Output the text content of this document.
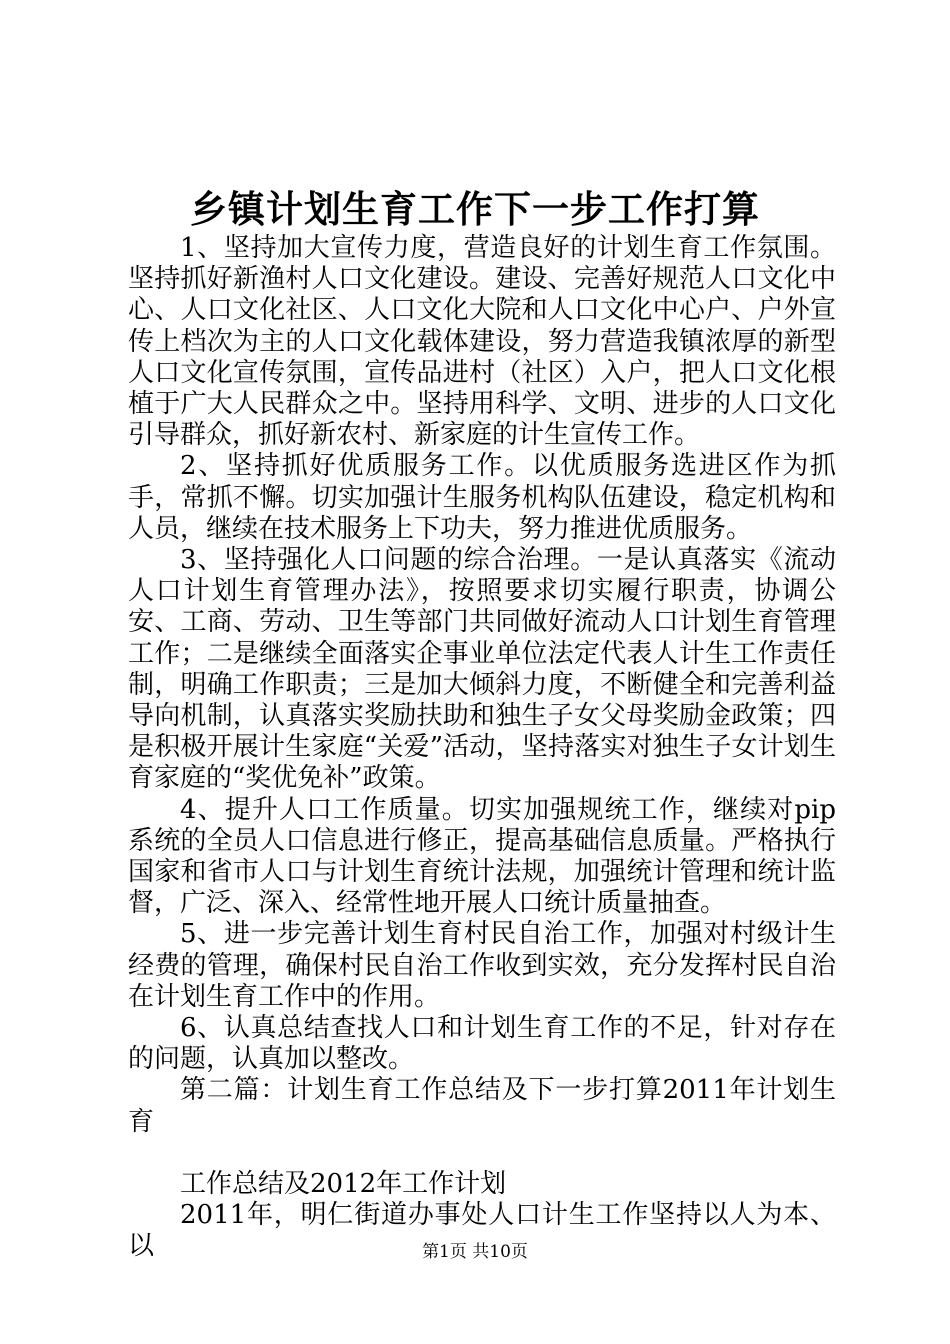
乡镇计划生育工作下一步工作打算

1、坚持加大宣传力度，营造良好的计划生育工作氛围。坚持抓好新渔村人口文化建设。建设、完善好规范人口文化中心、人口文化社区、人口文化大院和人口文化中心户、户外宣传上档次为主的人口文化载体建设，努力营造我镇浓厚的新型人口文化宣传氛围，宣传品进村（社区）入户，把人口文化根植于广大人民群众之中。坚持用科学、文明、进步的人口文化引导群众，抓好新农村、新家庭的计生宣传工作。

2、坚持抓好优质服务工作。以优质服务选进区作为抓手，常抓不懈。切实加强计生服务机构队伍建设，稳定机构和人员，继续在技术服务上下功夫，努力推进优质服务。

3、坚持强化人口问题的综合治理。一是认真落实《流动人口计划生育管理办法》，按照要求切实履行职责，协调公安、工商、劳动、卫生等部门共同做好流动人口计划生育管理工作；二是继续全面落实企事业单位法定代表人计生工作责任制，明确工作职责；三是加大倾斜力度，不断健全和完善利益导向机制，认真落实奖励扶助和独生子女父母奖励金政策；四是积极开展计生家庭“关爱”活动，坚持落实对独生子女计划生育家庭的“奖优免补”政策。

4、提升人口工作质量。切实加强规统工作，继续对pip系统的全员人口信息进行修正，提高基础信息质量。严格执行国家和省市人口与计划生育统计法规，加强统计管理和统计监督，广泛、深入、经常性地开展人口统计质量抽查。

5、进一步完善计划生育村民自治工作，加强对村级计生经费的管理，确保村民自治工作收到实效，充分发挥村民自治在计划生育工作中的作用。

6、认真总结查找人口和计划生育工作的不足，针对存在的问题，认真加以整改。

第二篇：计划生育工作总结及下一步打算2011年计划生育

工作总结及2012年工作计划

2011年，明仁街道办事处人口计生工作坚持以人为本、以	第1页 共10页
